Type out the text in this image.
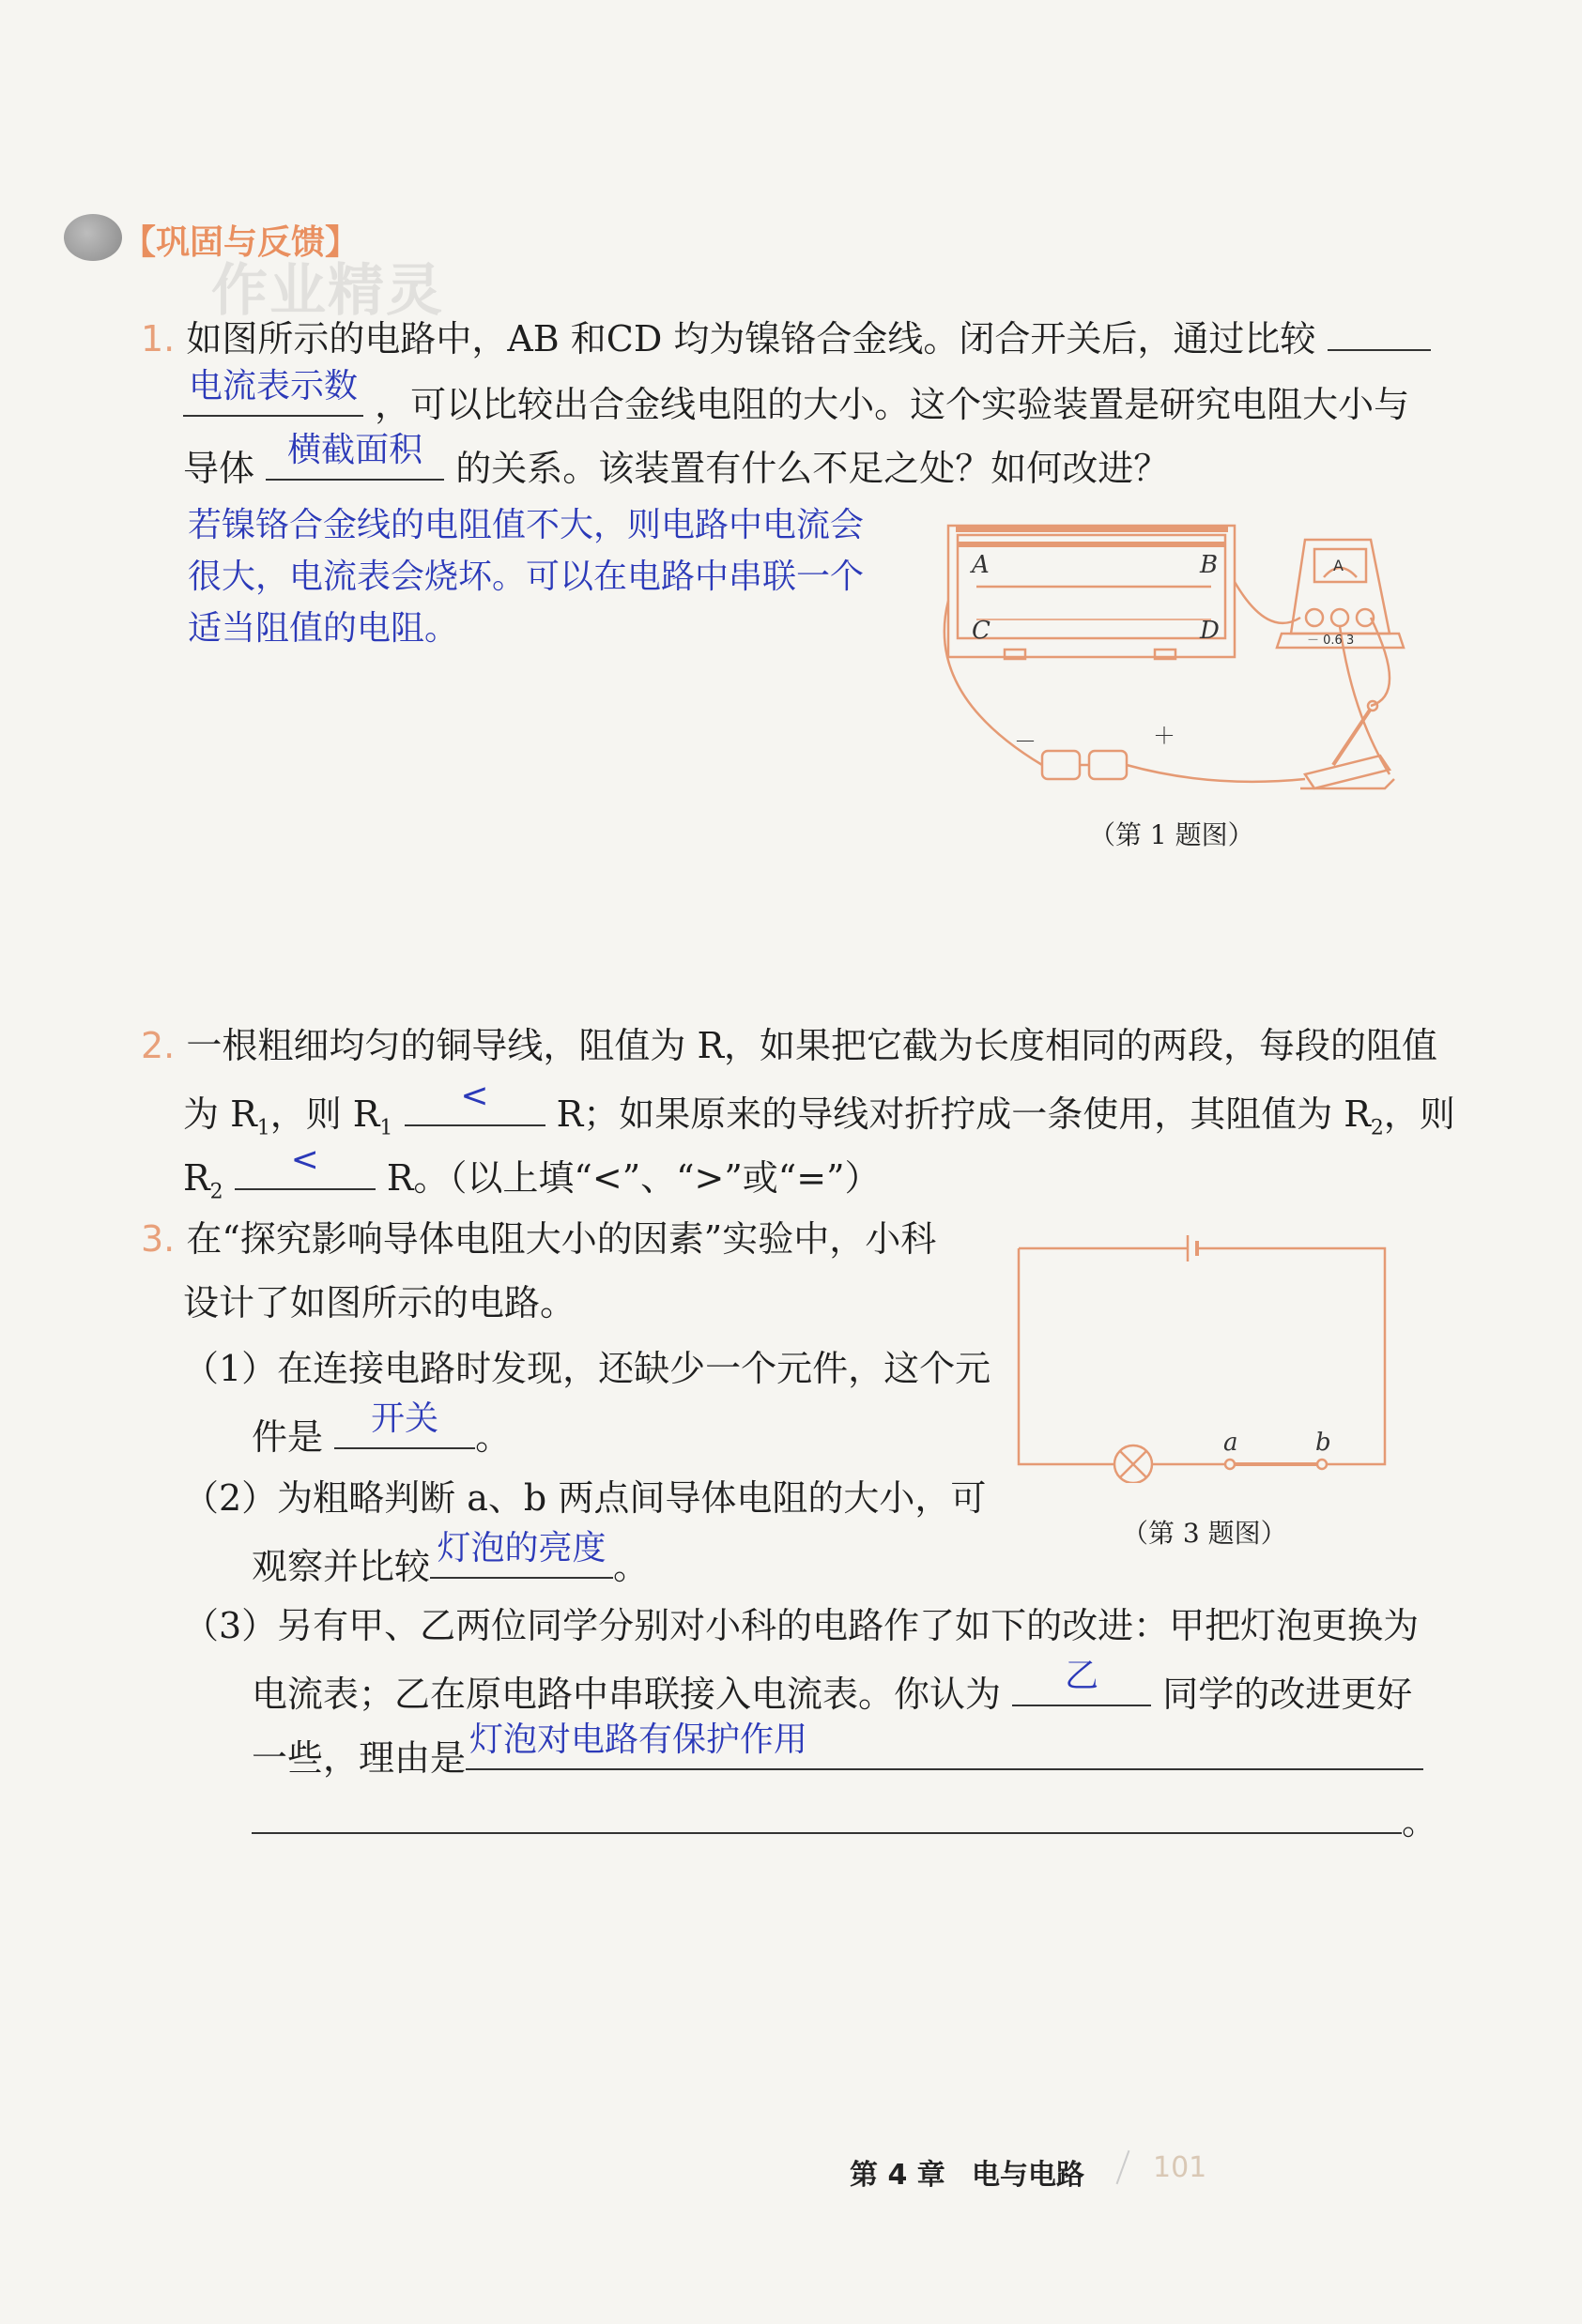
【巩固与反馈】
作业精灵
1. 如图所示的电路中，AB 和CD 均为镍铬合金线。闭合开关后，通过比较
电流表示数 ，可以比较出合金线电阻的大小。这个实验装置是研究电阻大小与
导体 横截面积 的关系。该装置有什么不足之处？如何改进？
若镍铬合金线的电阻值不大，则电路中电流会
很大，电流表会烧坏。可以在电路中串联一个
适当阻值的电阻。
A	B
C	D
A
－ 0.6 3
－	＋
（第 1 题图）
2. 一根粗细均匀的铜导线，阻值为 R，如果把它截为长度相同的两段，每段的阻值
为 $R_1$，则 $R_1$
<	R；如果原来的导线对折拧成一条使用，其阻值为 $R_2$，则
$R_2$
<	R。（以上填“<”、“>”或“=”）
3. 在“探究影响导体电阻大小的因素”实验中，小科
设计了如图所示的电路。
（1）在连接电路时发现，还缺少一个元件，这个元
件是	开关	。
（2）为粗略判断 a、b 两点间导体电阻的大小，可
观察并比较 灯泡的亮度 。
（3）另有甲、乙两位同学分别对小科的电路作了如下的改进：甲把灯泡更换为
电流表；乙在原电路中串联接入电流表。你认为	乙	同学的改进更好
一些，理由是 灯泡对电路有保护作用
。
a	b
（第 3 题图）
第 4 章 电与电路 101
